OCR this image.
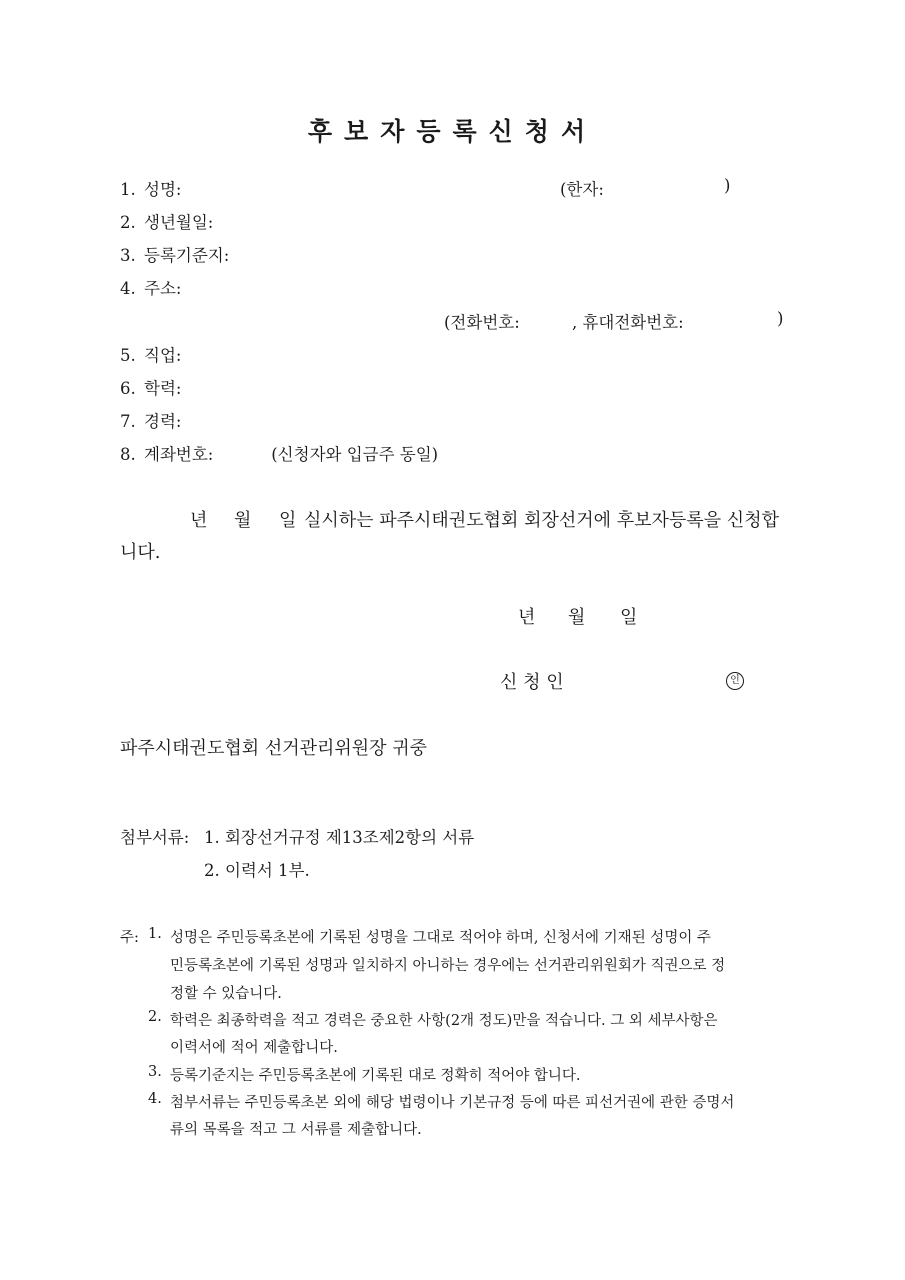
후보자등록신청서
1. 성명:	(한자:	)
2. 생년월일:
3. 등록기준지:
4. 주소:
(전화번호:	, 휴대전화번호:	)
5. 직업:
6. 학력:
7. 경력:
8. 계좌번호:	(신청자와 입금주 동일)
년 월 일 실시하는 파주시태권도협회 회장선거에 후보자등록을 신청합
니다.
년 월 일
신 청 인	인
파주시태권도협회 선거관리위원장 귀중
첨부서류: 1. 회장선거규정 제13조제2항의 서류
2. 이력서 1부.
주: 1. 성명은 주민등록초본에 기록된 성명을 그대로 적어야 하며, 신청서에 기재된 성명이 주
민등록초본에 기록된 성명과 일치하지 아니하는 경우에는 선거관리위원회가 직권으로 정
정할 수 있습니다.
2. 학력은 최종학력을 적고 경력은 중요한 사항(2개 정도)만을 적습니다. 그 외 세부사항은
이력서에 적어 제출합니다.
3. 등록기준지는 주민등록초본에 기록된 대로 정확히 적어야 합니다.
4. 첨부서류는 주민등록초본 외에 해당 법령이나 기본규정 등에 따른 피선거권에 관한 증명서
류의 목록을 적고 그 서류를 제출합니다.
